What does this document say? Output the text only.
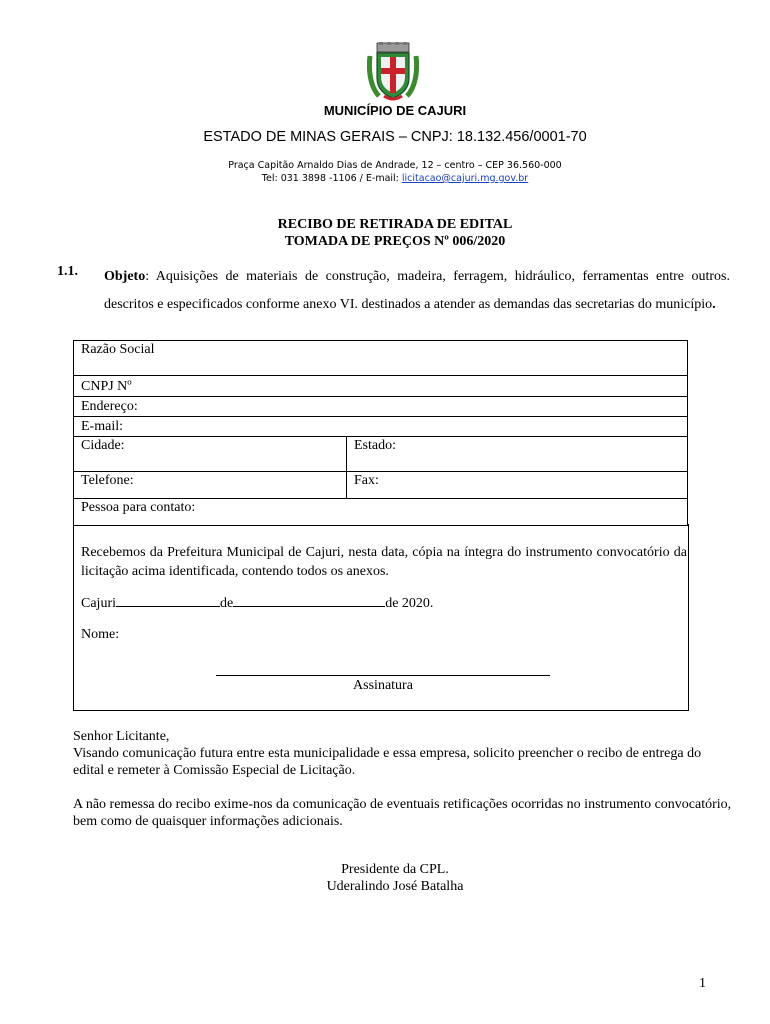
MUNICÍPIO DE CAJURI
ESTADO DE MINAS GERAIS – CNPJ: 18.132.456/0001-70
Praça Capitão Arnaldo Dias de Andrade, 12 – centro – CEP 36.560-000
Tel: 031 3898 -1106 / E-mail: licitacao@cajuri.mg.gov.br
RECIBO DE RETIRADA DE EDITAL
TOMADA DE PREÇOS Nº 006/2020
1.1. Objeto: Aquisições de materiais de construção, madeira, ferragem, hidráulico, ferramentas entre outros. descritos e especificados conforme anexo VI. destinados a atender as demandas das secretarias do município.
Razão Social	
CNPJ Nº	
Endereço:	
E-mail:	
Cidade:	Estado:
Telefone:	Fax:
Pessoa para contato:	
Recebemos da Prefeitura Municipal de Cajuri, nesta data, cópia na íntegra do instrumento convocatório da licitação acima identificada, contendo todos os anexos.
Cajuri	de	de 2020.
Nome:
Assinatura
Senhor Licitante,
Visando comunicação futura entre esta municipalidade e essa empresa, solicito preencher o recibo de entrega do edital e remeter à Comissão Especial de Licitação.
A não remessa do recibo exime-nos da comunicação de eventuais retificações ocorridas no instrumento convocatório, bem como de quaisquer informações adicionais.
Presidente da CPL.
Uderalindo José Batalha
1
